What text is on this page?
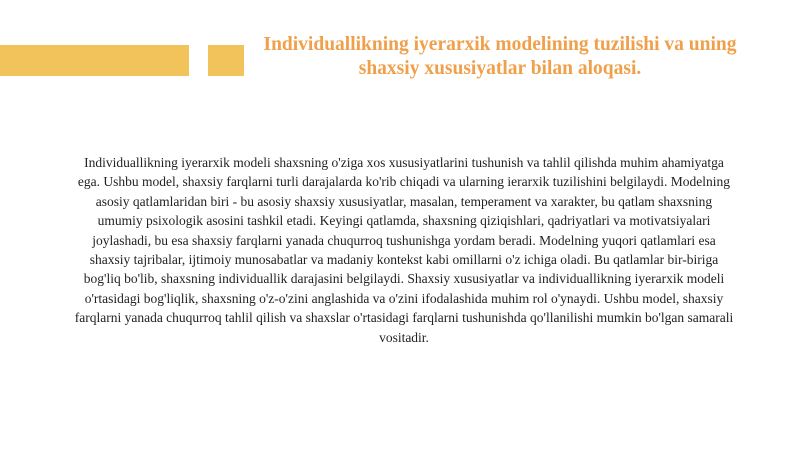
Individuallikning iyerarxik modelining tuzilishi va uning shaxsiy xususiyatlar bilan aloqasi.

Individuallikning iyerarxik modeli shaxsning o'ziga xos xususiyatlarini tushunish va tahlil qilishda muhim ahamiyatga ega. Ushbu model, shaxsiy farqlarni turli darajalarda ko'rib chiqadi va ularning ierarxik tuzilishini belgilaydi. Modelning asosiy qatlamlaridan biri - bu asosiy shaxsiy xususiyatlar, masalan, temperament va xarakter, bu qatlam shaxsning umumiy psixologik asosini tashkil etadi. Keyingi qatlamda, shaxsning qiziqishlari, qadriyatlari va motivatsiyalari joylashadi, bu esa shaxsiy farqlarni yanada chuqurroq tushunishga yordam beradi. Modelning yuqori qatlamlari esa shaxsiy tajribalar, ijtimoiy munosabatlar va madaniy kontekst kabi omillarni o'z ichiga oladi. Bu qatlamlar bir-biriga bog'liq bo'lib, shaxsning individuallik darajasini belgilaydi. Shaxsiy xususiyatlar va individuallikning iyerarxik modeli o'rtasidagi bog'liqlik, shaxsning o'z-o'zini anglashida va o'zini ifodalashida muhim rol o'ynaydi. Ushbu model, shaxsiy farqlarni yanada chuqurroq tahlil qilish va shaxslar o'rtasidagi farqlarni tushunishda qo'llanilishi mumkin bo'lgan samarali vositadir.
